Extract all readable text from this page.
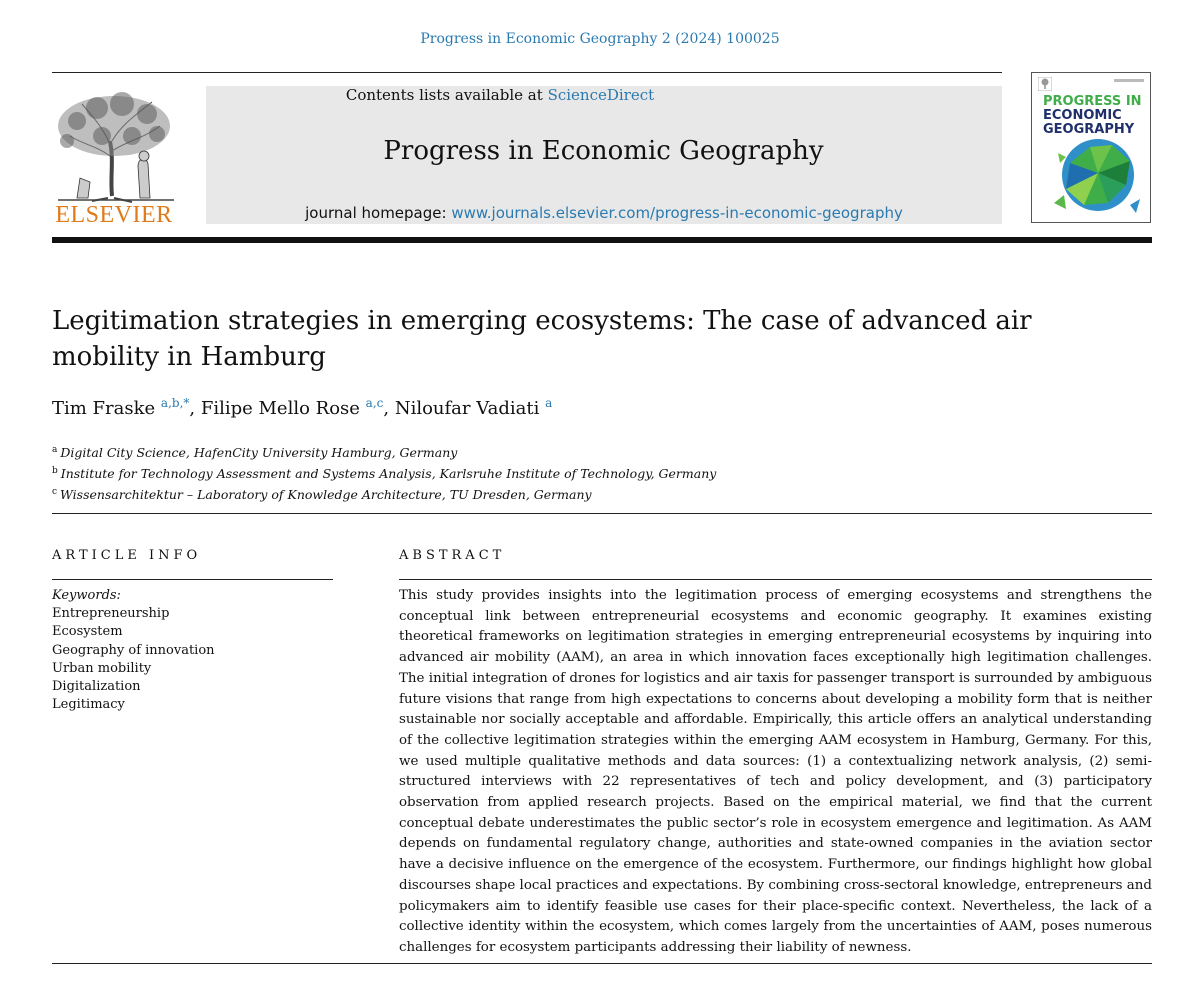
Progress in Economic Geography 2 (2024) 100025
ELSEVIER
Contents lists available at ScienceDirect
Progress in Economic Geography
journal homepage: www.journals.elsevier.com/progress-in-economic-geography
PROGRESS IN
ECONOMIC
GEOGRAPHY
Legitimation strategies in emerging ecosystems: The case of advanced air mobility in Hamburg
Tim Fraske $^{a,b,*}$, Filipe Mello Rose $^{a,c}$, Niloufar Vadiati $^a$
$^a$ Digital City Science, HafenCity University Hamburg, Germany
$^b$ Institute for Technology Assessment and Systems Analysis, Karlsruhe Institute of Technology, Germany
$^c$ Wissensarchitektur – Laboratory of Knowledge Architecture, TU Dresden, Germany
ARTICLE INFO
Keywords:
Entrepreneurship
Ecosystem
Geography of innovation
Urban mobility
Digitalization
Legitimacy
ABSTRACT

This study provides insights into the legitimation process of emerging ecosystems and strengthens the conceptual link between entrepreneurial ecosystems and economic geography. It examines existing theoretical frameworks on legitimation strategies in emerging entrepreneurial ecosystems by inquiring into advanced air mobility (AAM), an area in which innovation faces exceptionally high legitimation challenges. The initial integration of drones for logistics and air taxis for passenger transport is surrounded by ambiguous future visions that range from high expectations to concerns about developing a mobility form that is neither sustainable nor socially acceptable and affordable. Empirically, this article offers an analytical understanding of the collective legitimation strategies within the emerging AAM ecosystem in Hamburg, Germany. For this, we used multiple qualitative methods and data sources: (1) a contextualizing network analysis, (2) semi-structured interviews with 22 representatives of tech and policy development, and (3) participatory observation from applied research projects. Based on the empirical material, we find that the current conceptual debate underestimates the public sector’s role in ecosystem emergence and legitimation. As AAM depends on fundamental regulatory change, authorities and state-owned companies in the aviation sector have a decisive influence on the emergence of the ecosystem. Furthermore, our findings highlight how global discourses shape local practices and expectations. By combining cross-sectoral knowledge, entrepreneurs and policymakers aim to identify feasible use cases for their place-specific context. Nevertheless, the lack of a collective identity within the ecosystem, which comes largely from the uncertainties of AAM, poses numerous challenges for ecosystem participants addressing their liability of newness.
